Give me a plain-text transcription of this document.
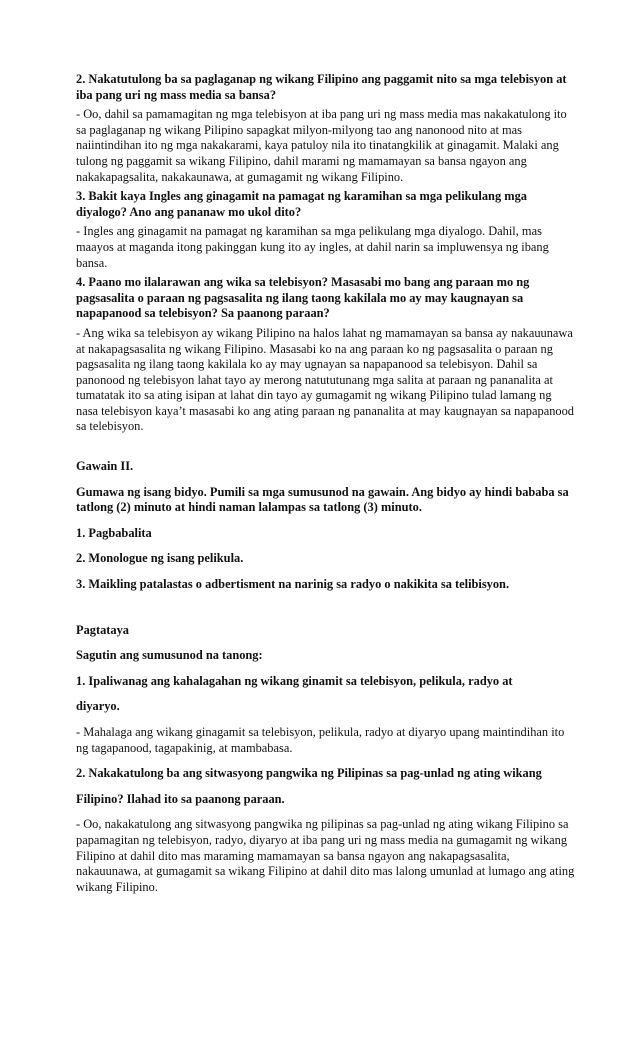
2. Nakatutulong ba sa paglaganap ng wikang Filipino ang paggamit nito sa mga telebisyon at iba pang uri ng mass media sa bansa?
- Oo, dahil sa pamamagitan ng mga telebisyon at iba pang uri ng mass media mas nakakatulong ito sa paglaganap ng wikang Pilipino sapagkat milyon-milyong tao ang nanonood nito at mas naiintindihan ito ng mga nakakarami, kaya patuloy nila ito tinatangkilik at ginagamit. Malaki ang tulong ng paggamit sa wikang Filipino, dahil marami ng mamamayan sa bansa ngayon ang nakakapagsalita, nakakaunawa, at gumagamit ng wikang Filipino.
3. Bakit kaya Ingles ang ginagamit na pamagat ng karamihan sa mga pelikulang mga diyalogo? Ano ang pananaw mo ukol dito?
- Ingles ang ginagamit na pamagat ng karamihan sa mga pelikulang mga diyalogo. Dahil, mas maayos at maganda itong pakinggan kung ito ay ingles, at dahil narin sa impluwensya ng ibang bansa.
4. Paano mo ilalarawan ang wika sa telebisyon? Masasabi mo bang ang paraan mo ng pagsasalita o paraan ng pagsasalita ng ilang taong kakilala mo ay may kaugnayan sa napapanood sa telebisyon? Sa paanong paraan?
- Ang wika sa telebisyon ay wikang Pilipino na halos lahat ng mamamayan sa bansa ay nakauunawa at nakapagsasalita ng wikang Filipino. Masasabi ko na ang paraan ko ng pagsasalita o paraan ng pagsasalita ng ilang taong kakilala ko ay may ugnayan sa napapanood sa telebisyon. Dahil sa panonood ng telebisyon lahat tayo ay merong natututunang mga salita at paraan ng pananalita at tumatatak ito sa ating isipan at lahat din tayo ay gumagamit ng wikang Pilipino tulad lamang ng nasa telebisyon kaya’t masasabi ko ang ating paraan ng pananalita at may kaugnayan sa napapanood sa telebisyon.
Gawain II.
Gumawa ng isang bidyo. Pumili sa mga sumusunod na gawain. Ang bidyo ay hindi bababa sa tatlong (2) minuto at hindi naman lalampas sa tatlong (3) minuto.
1. Pagbabalita
2. Monologue ng isang pelikula.
3. Maikling patalastas o adbertisment na narinig sa radyo o nakikita sa telibisyon.
Pagtataya
Sagutin ang sumusunod na tanong:
1. Ipaliwanag ang kahalagahan ng wikang ginamit sa telebisyon, pelikula, radyo at
diyaryo.
- Mahalaga ang wikang ginagamit sa telebisyon, pelikula, radyo at diyaryo upang maintindihan ito ng tagapanood, tagapakinig, at mambabasa.
2. Nakakatulong ba ang sitwasyong pangwika ng Pilipinas sa pag-unlad ng ating wikang
Filipino? Ilahad ito sa paanong paraan.
- Oo, nakakatulong ang sitwasyong pangwika ng pilipinas sa pag-unlad ng ating wikang Filipino sa papamagitan ng telebisyon, radyo, diyaryo at iba pang uri ng mass media na gumagamit ng wikang Filipino at dahil dito mas maraming mamamayan sa bansa ngayon ang nakapagsasalita, nakauunawa, at gumagamit sa wikang Filipino at dahil dito mas lalong umunlad at lumago ang ating wikang Filipino.
